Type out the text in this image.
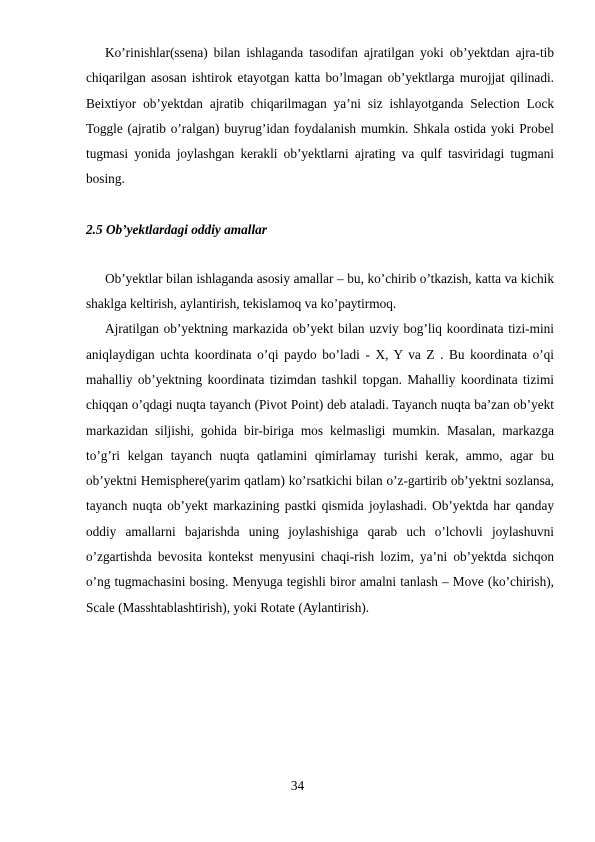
Ko’rinishlar(ssena) bilan ishlaganda tasodifan ajratilgan yoki ob’yektdan ajra-tib chiqarilgan asosan ishtirok etayotgan katta bo’lmagan ob’yektlarga murojjat qilinadi. Beixtiyor ob’yektdan ajratib chiqarilmagan ya’ni siz ishlayotganda Selection Lock Toggle (ajratib o’ralgan) buyrug’idan foydalanish mumkin. Shkala ostida yoki Probel tugmasi yonida joylashgan kerakli ob’yektlarni ajrating va qulf tasviridagi tugmani bosing.

2.5 Ob’yektlardagi oddiy amallar

Ob’yektlar bilan ishlaganda asosiy amallar – bu, ko’chirib o’tkazish, katta va kichik shaklga keltirish, aylantirish, tekislamoq va ko’paytirmoq.

Ajratilgan ob’yektning markazida ob’yekt bilan uzviy bog’liq koordinata tizi-mini aniqlaydigan uchta koordinata o’qi paydo bo’ladi - X, Y va Z . Bu koordinata o’qi mahalliy ob’yektning koordinata tizimdan tashkil topgan. Mahalliy koordinata tizimi chiqqan o’qdagi nuqta tayanch (Pivot Point) deb ataladi. Tayanch nuqta ba’zan ob’yekt markazidan siljishi, gohida bir-biriga mos kelmasligi mumkin. Masalan, markazga to’g’ri kelgan tayanch nuqta qatlamini qimirlamay turishi kerak, ammo, agar bu ob’yektni Hemisphere(yarim qatlam) ko’rsatkichi bilan o’z-gartirib ob’yektni sozlansa, tayanch nuqta ob’yekt markazining pastki qismida joylashadi. Ob’yektda har qanday oddiy amallarni bajarishda uning joylashishiga qarab uch o’lchovli joylashuvni o’zgartishda bevosita kontekst menyusini chaqi-rish lozim, ya’ni ob’yektda sichqon o’ng tugmachasini bosing. Menyuga tegishli biror amalni tanlash – Move (ko’chirish), Scale (Masshtablashtirish), yoki Rotate (Aylantirish).

34
